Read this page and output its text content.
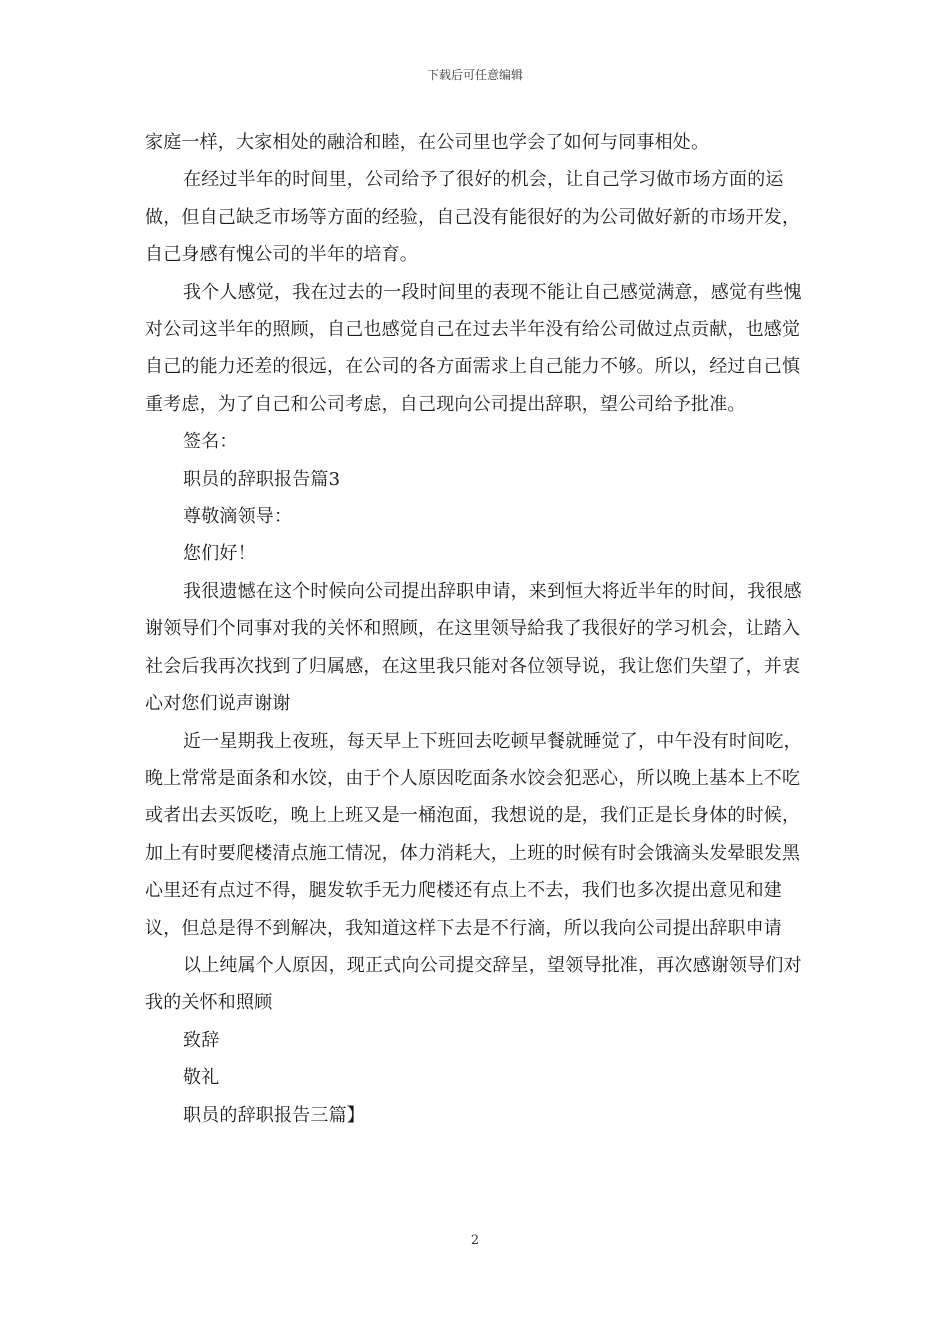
下载后可任意编辑

家庭一样，大家相处的融洽和睦，在公司里也学会了如何与同事相处。

在经过半年的时间里，公司给予了很好的机会，让自己学习做市场方面的运做，但自己缺乏市场等方面的经验，自己没有能很好的为公司做好新的市场开发，自己身感有愧公司的半年的培育。

我个人感觉，我在过去的一段时间里的表现不能让自己感觉满意，感觉有些愧对公司这半年的照顾，自己也感觉自己在过去半年没有给公司做过点贡献，也感觉自己的能力还差的很远，在公司的各方面需求上自己能力不够。所以，经过自己慎重考虑，为了自己和公司考虑，自己现向公司提出辞职，望公司给予批准。

签名：

职员的辞职报告篇3

尊敬滴领导：

您们好！

我很遗憾在这个时候向公司提出辞职申请，来到恒大将近半年的时间，我很感谢领导们个同事对我的关怀和照顾，在这里领导給我了我很好的学习机会，让踏入社会后我再次找到了归属感，在这里我只能对各位领导说，我让您们失望了，并衷心对您们说声谢谢

近一星期我上夜班，每天早上下班回去吃顿早餐就睡觉了，中午没有时间吃，晚上常常是面条和水饺，由于个人原因吃面条水饺会犯恶心，所以晚上基本上不吃或者出去买饭吃，晚上上班又是一桶泡面，我想说的是，我们正是长身体的时候，加上有时要爬楼清点施工情况，体力消耗大，上班的时候有时会饿滴头发晕眼发黑心里还有点过不得，腿发软手无力爬楼还有点上不去，我们也多次提出意见和建议，但总是得不到解决，我知道这样下去是不行滴，所以我向公司提出辞职申请

以上纯属个人原因，现正式向公司提交辞呈，望领导批准，再次感谢领导们对我的关怀和照顾

致辞

敬礼

职员的辞职报告三篇】

2
